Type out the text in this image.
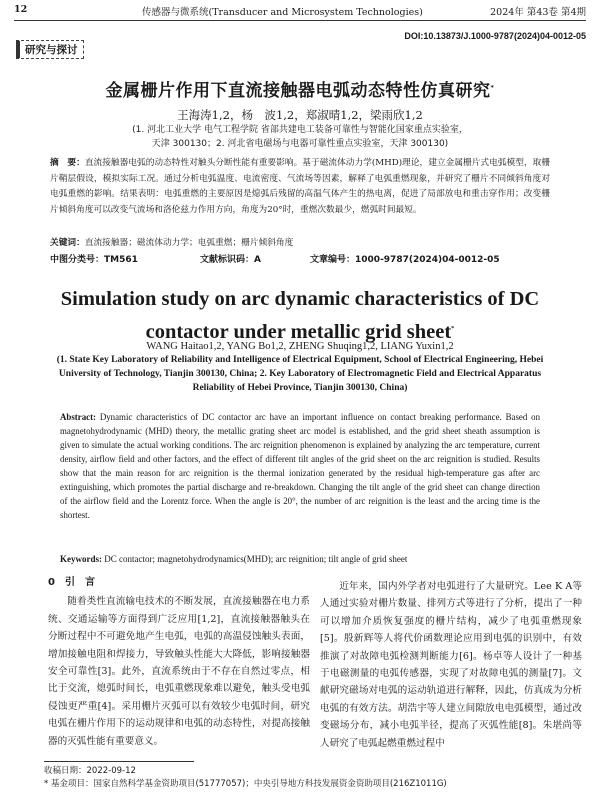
12	传感器与微系统(Transducer and Microsystem Technologies)	2024年 第43卷 第4期
DOI:10.13873/J.1000-9787(2024)04-0012-05
研究与探讨
金属栅片作用下直流接触器电弧动态特性仿真研究*
王海涛1,2，杨　波1,2，郑淑晴1,2，梁雨欣1,2
(1. 河北工业大学 电气工程学院 省部共建电工装备可靠性与智能化国家重点实验室，
天津 300130；2. 河北省电磁场与电器可靠性重点实验室，天津 300130)
摘　要：直流接触器电弧的动态特性对触头分断性能有重要影响。基于磁流体动力学(MHD)理论，建立金属栅片式电弧模型，取栅片鞘层假设，模拟实际工况。通过分析电弧温度、电流密度、气流场等因素，解释了电弧重燃现象，并研究了栅片不同倾斜角度对电弧重燃的影响。结果表明：电弧重燃的主要原因是熄弧后残留的高温气体产生的热电离，促进了局部放电和重击穿作用；改变栅片倾斜角度可以改变气流场和洛伦兹力作用方向，角度为20°时，重燃次数最少，燃弧时间最短。
关键词：直流接触器；磁流体动力学；电弧重燃；栅片倾斜角度
中图分类号：TM561	文献标识码：A	文章编号：1000-9787(2024)04-0012-05
Simulation study on arc dynamic characteristics of DC
contactor under metallic grid sheet*
WANG Haitao1,2, YANG Bo1,2, ZHENG Shuqing1,2, LIANG Yuxin1,2
(1. State Key Laboratory of Reliability and Intelligence of Electrical Equipment, School of Electrical Engineering, Hebei University of Technology, Tianjin 300130, China; 2. Key Laboratory of Electromagnetic Field and Electrical Apparatus Reliability of Hebei Province, Tianjin 300130, China)
Abstract: Dynamic characteristics of DC contactor arc have an important influence on contact breaking performance. Based on magnetohydrodynamic (MHD) theory, the metallic grating sheet arc model is established, and the grid sheet sheath assumption is given to simulate the actual working conditions. The arc reignition phenomenon is explained by analyzing the arc temperature, current density, airflow field and other factors, and the effect of different tilt angles of the grid sheet on the arc reignition is studied. Results show that the main reason for arc reignition is the thermal ionization generated by the residual high-temperature gas after arc extinguishing, which promotes the partial discharge and re-breakdown. Changing the tilt angle of the grid sheet can change direction of the airflow field and the Lorentz force. When the angle is 20°, the number of arc reignition is the least and the arcing time is the shortest.
Keywords: DC contactor; magnetohydrodynamics(MHD); arc reignition; tilt angle of grid sheet
0　引　言
随着类性直流输电技术的不断发展，直流接触器在电力系统、交通运输等方面得到广泛应用[1,2]，直流接触器触头在分断过程中不可避免地产生电弧，电弧的高温侵蚀触头表面，增加接触电阻和焊接力，导致触头性能大大降低，影响接触器安全可靠性[3]。此外，直流系统由于不存在自然过零点，相比于交流，熄弧时间长，电弧重燃现象难以避免，触头受电弧侵蚀更严重[4]。采用栅片灭弧可以有效较少电弧时间，研究电弧在栅片作用下的运动规律和电弧的动态特性，对提高接触器的灭弧性能有重要意义。
近年来，国内外学者对电弧进行了大量研究。Lee K A等人通过实验对栅片数量、排列方式等进行了分析，提出了一种可以增加介质恢复强度的栅片结构，减少了电弧重燃现象[5]。殷新辉等人将代价函数理论应用到电弧的识别中，有效推演了对故障电弧检测判断能力[6]。杨卓等人设计了一种基于电磁测量的电弧传感器，实现了对故障电弧的测量[7]。文献研究磁场对电弧的运动轨道进行解释，因此，仿真成为分析电弧的有效方法。胡浩宇等人建立间隙放电电弧模型，通过改变磁场分布，减小电弧半径，提高了灭弧性能[8]。朱堪尚等人研究了电弧起燃重燃过程中
收稿日期：2022-09-12
* 基金项目：国家自然科学基金资助项目(51777057)；中央引导地方科技发展资金资助项目(216Z1011G)
